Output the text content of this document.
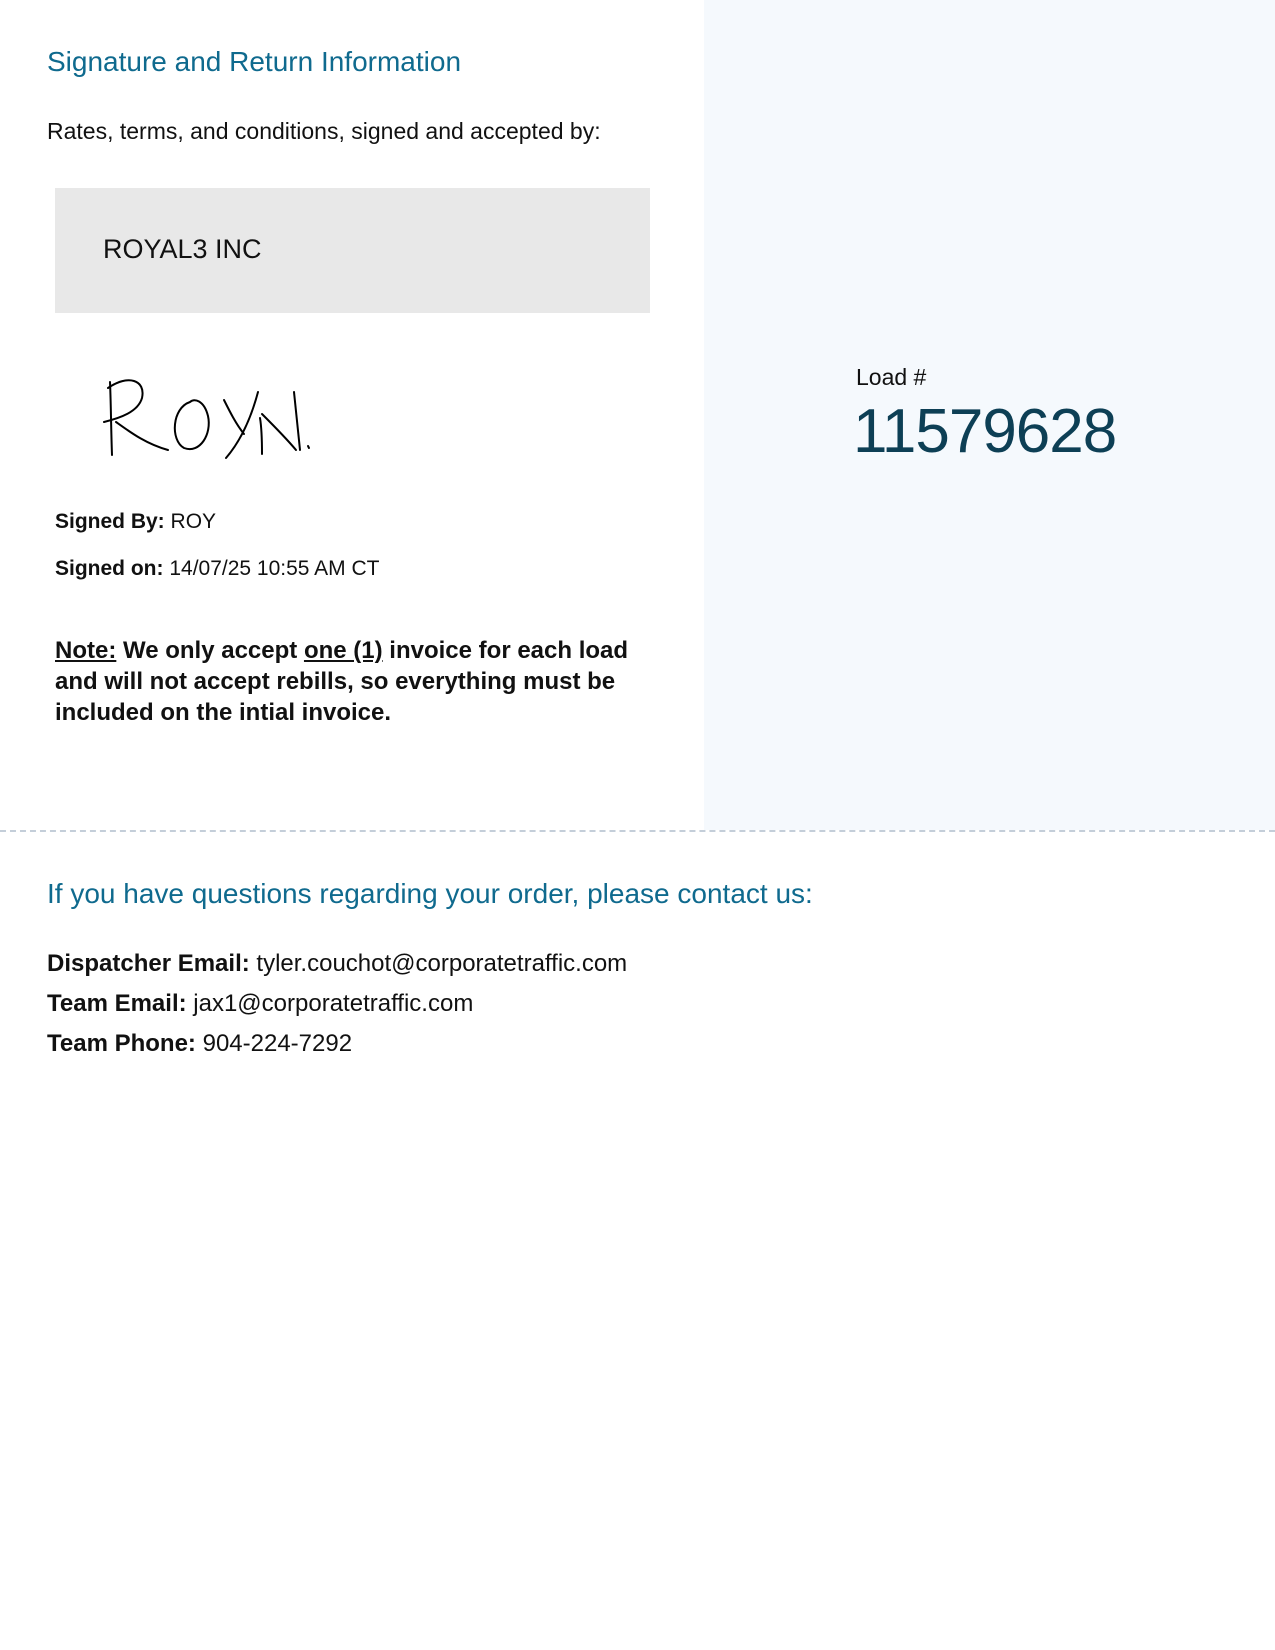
Signature and Return Information
Rates, terms, and conditions, signed and accepted by:
ROYAL3 INC
Signed By: ROY
Signed on: 14/07/25 10:55 AM CT
Note: We only accept one (1) invoice for each load and will not accept rebills, so everything must be included on the intial invoice.
Load #
11579628
If you have questions regarding your order, please contact us:
Dispatcher Email: tyler.couchot@corporatetraffic.com
Team Email: jax1@corporatetraffic.com
Team Phone: 904-224-7292
